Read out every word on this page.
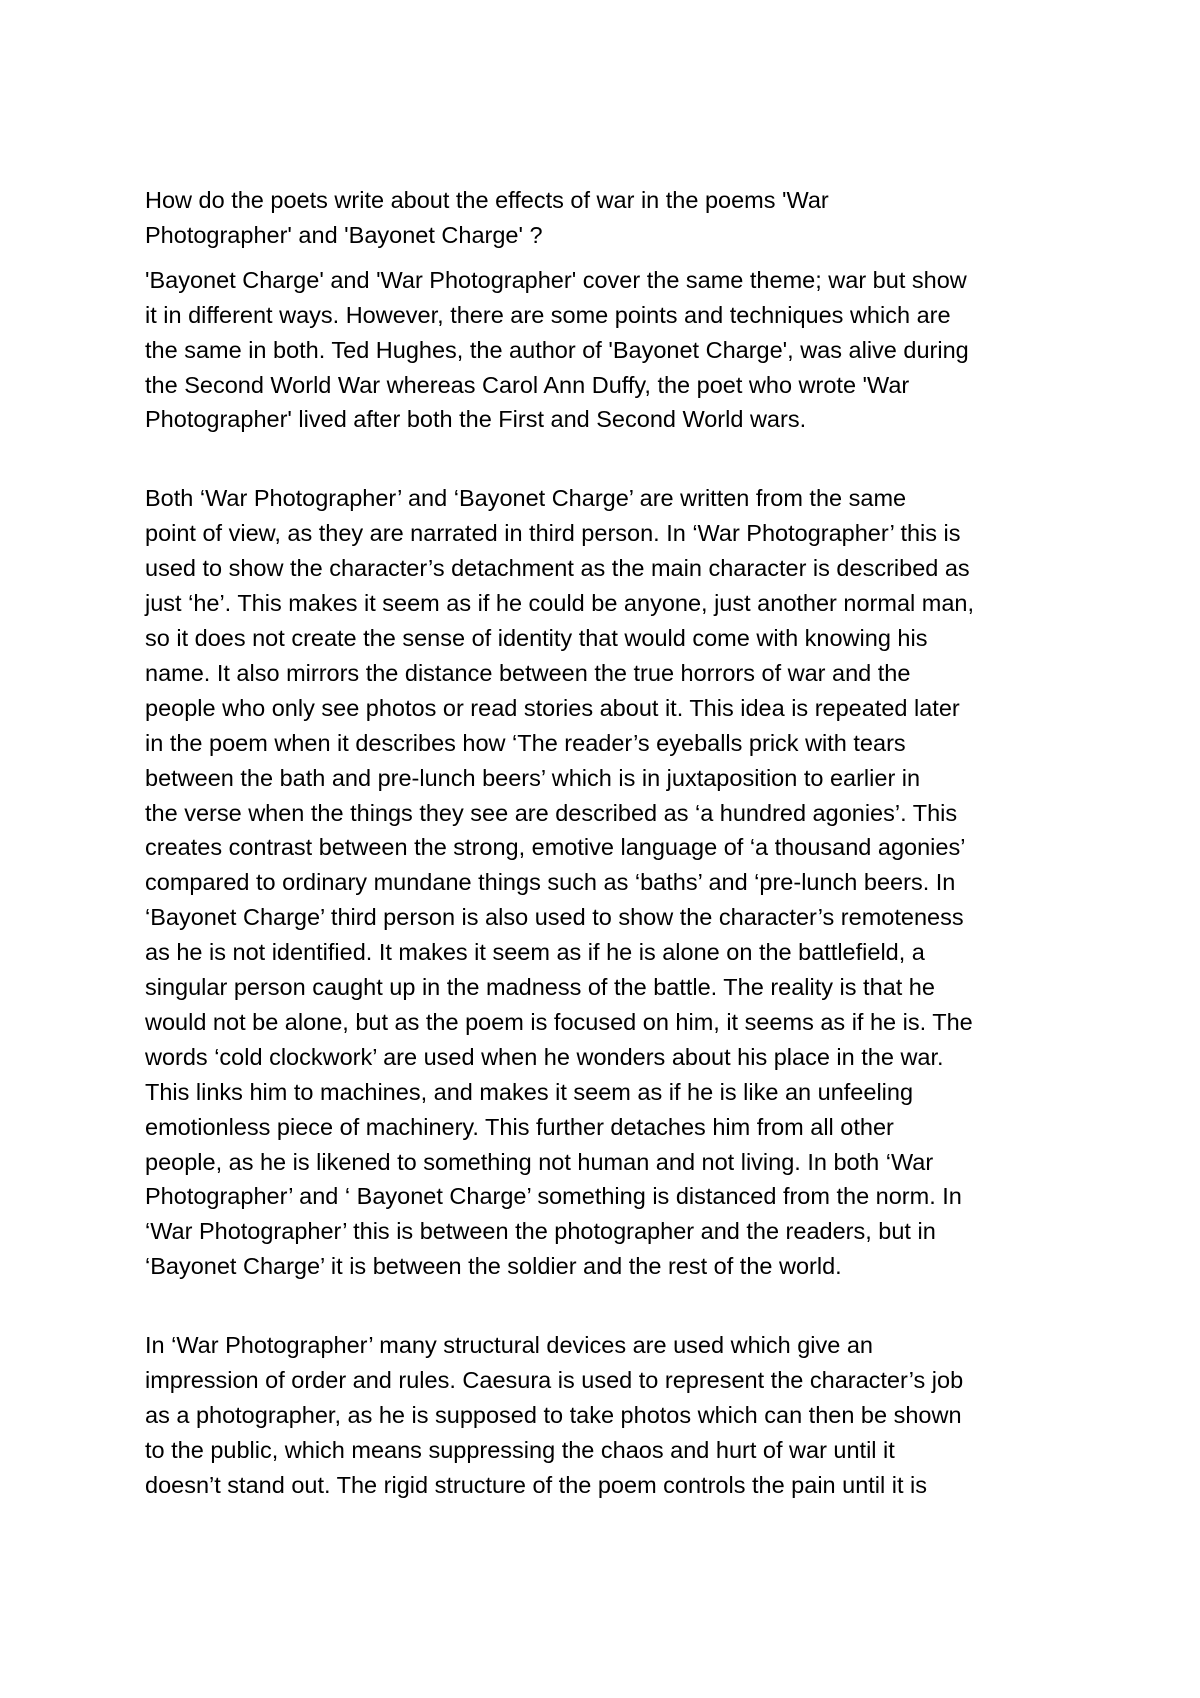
How do the poets write about the effects of war in the poems 'War
Photographer' and 'Bayonet Charge' ?

'Bayonet Charge' and 'War Photographer' cover the same theme; war but show
it in different ways. However, there are some points and techniques which are
the same in both. Ted Hughes, the author of 'Bayonet Charge', was alive during
the Second World War whereas Carol Ann Duffy, the poet who wrote 'War
Photographer' lived after both the First and Second World wars.

Both ‘War Photographer’ and ‘Bayonet Charge’ are written from the same
point of view, as they are narrated in third person. In ‘War Photographer’ this is
used to show the character’s detachment as the main character is described as
just ‘he’. This makes it seem as if he could be anyone, just another normal man,
so it does not create the sense of identity that would come with knowing his
name. It also mirrors the distance between the true horrors of war and the
people who only see photos or read stories about it. This idea is repeated later
in the poem when it describes how ‘The reader’s eyeballs prick with tears
between the bath and pre-lunch beers’ which is in juxtaposition to earlier in
the verse when the things they see are described as ‘a hundred agonies’. This
creates contrast between the strong, emotive language of ‘a thousand agonies’
compared to ordinary mundane things such as ‘baths’ and ‘pre-lunch beers. In
‘Bayonet Charge’ third person is also used to show the character’s remoteness
as he is not identified. It makes it seem as if he is alone on the battlefield, a
singular person caught up in the madness of the battle. The reality is that he
would not be alone, but as the poem is focused on him, it seems as if he is. The
words ‘cold clockwork’ are used when he wonders about his place in the war.
This links him to machines, and makes it seem as if he is like an unfeeling
emotionless piece of machinery. This further detaches him from all other
people, as he is likened to something not human and not living. In both ‘War
Photographer’ and ‘ Bayonet Charge’ something is distanced from the norm. In
‘War Photographer’ this is between the photographer and the readers, but in
‘Bayonet Charge’ it is between the soldier and the rest of the world.

In ‘War Photographer’ many structural devices are used which give an
impression of order and rules. Caesura is used to represent the character’s job
as a photographer, as he is supposed to take photos which can then be shown
to the public, which means suppressing the chaos and hurt of war until it
doesn’t stand out. The rigid structure of the poem controls the pain until it is
